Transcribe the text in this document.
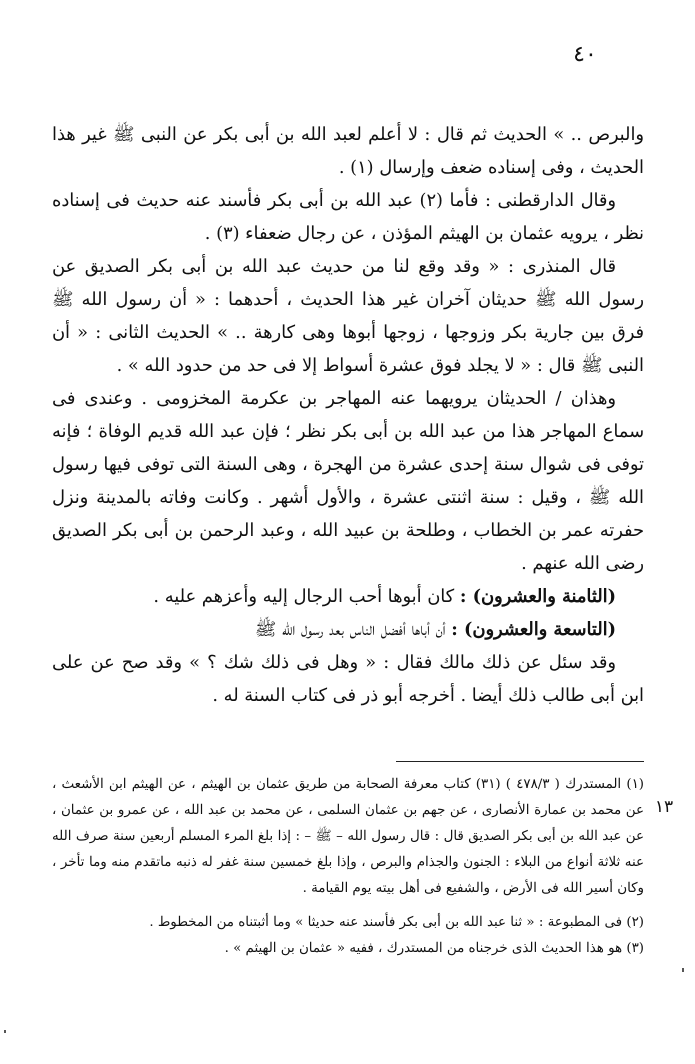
٤٠

والبرص .. » الحديث ثم قال : لا أعلم لعبد الله بن أبى بكر عن النبى ﷺ غير هذا الحديث ، وفى إسناده ضعف وإرسال (١) .

وقال الدارقطنى : فأما (٢) عبد الله بن أبى بكر فأسند عنه حديث فى إسناده نظر ، يرويه عثمان بن الهيثم المؤذن ، عن رجال ضعفاء (٣) .

قال المنذرى : « وقد وقع لنا من حديث عبد الله بن أبى بكر الصديق عن رسول الله ﷺ حديثان آخران غير هذا الحديث ، أحدهما : « أن رسول الله ﷺ فرق بين جارية بكر وزوجها ، زوجها أبوها وهى كارهة .. » الحديث الثانى : « أن النبى ﷺ قال : « لا يجلد فوق عشرة أسواط إلا فى حد من حدود الله » .

وهذان / الحديثان يرويهما عنه المهاجر بن عكرمة المخزومى . وعندى فى سماع المهاجر هذا من عبد الله بن أبى بكر نظر ؛ فإن عبد الله قديم الوفاة ؛ فإنه توفى فى شوال سنة إحدى عشرة من الهجرة ، وهى السنة التى توفى فيها رسول الله ﷺ ، وقيل : سنة اثنتى عشرة ، والأول أشهر . وكانت وفاته بالمدينة ونزل حفرته عمر بن الخطاب ، وطلحة بن عبيد الله ، وعبد الرحمن بن أبى بكر الصديق رضى الله عنهم .

(الثامنة والعشرون) : كان أبوها أحب الرجال إليه وأعزهم عليه .

(التاسعة والعشرون) : أن أباها أفضل الناس بعد رسول الله ﷺ

وقد سئل عن ذلك مالك فقال : « وهل فى ذلك شك ؟ » وقد صح عن على ابن أبى طالب ذلك أيضا . أخرجه أبو ذر فى كتاب السنة له .

١٣

(١) المستدرك ( ٤٧٨/٣ ) (٣١) كتاب معرفة الصحابة من طريق عثمان بن الهيثم ، عن الهيثم ابن الأشعث ، عن محمد بن عمارة الأنصارى ، عن جهم بن عثمان السلمى ، عن محمد بن عبد الله ، عن عمرو بن عثمان ، عن عبد الله بن أبى بكر الصديق قال : قال رسول الله – ﷺ – : إذا بلغ المرء المسلم أربعين سنة صرف الله عنه ثلاثة أنواع من البلاء : الجنون والجذام والبرص ، وإذا بلغ خمسين سنة غفر له ذنبه ماتقدم منه وما تأخر ، وكان أسير الله فى الأرض ، والشفيع فى أهل بيته يوم القيامة .

(٢) فى المطبوعة : « ثنا عبد الله بن أبى بكر فأسند عنه حديثا » وما أثبتناه من المخطوط .

(٣) هو هذا الحديث الذى خرجناه من المستدرك ، ففيه « عثمان بن الهيثم » .
